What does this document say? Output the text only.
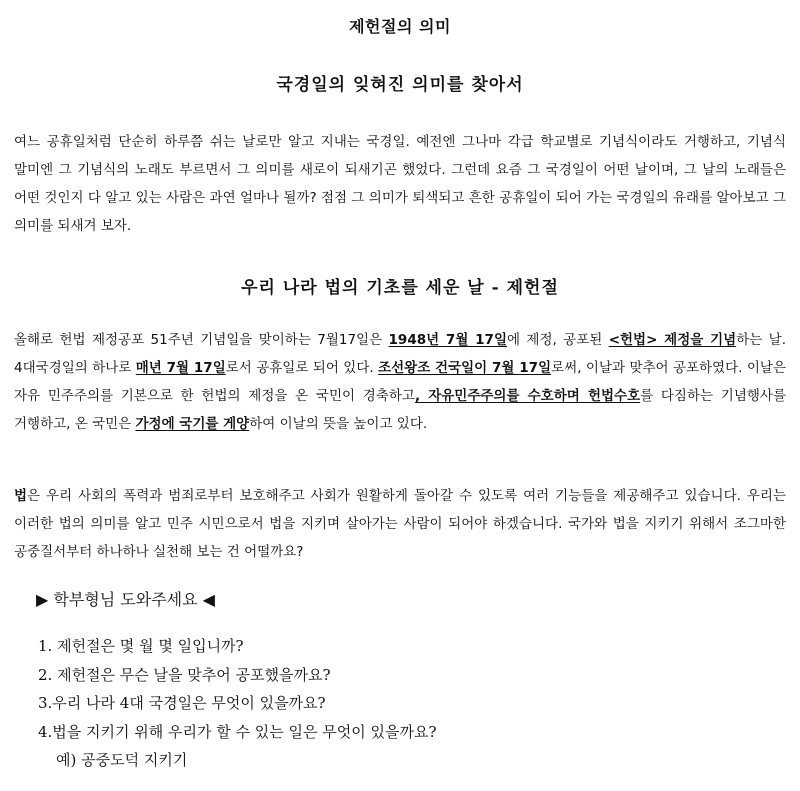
제헌절의 의미
국경일의 잊혀진 의미를 찾아서

여느 공휴일처럼 단순히 하루쯤 쉬는 날로만 알고 지내는 국경일. 예전엔 그나마 각급 학교별로 기념식이라도 거행하고, 기념식 말미엔 그 기념식의 노래도 부르면서 그 의미를 새로이 되새기곤 했었다. 그런데 요즘 그 국경일이 어떤 날이며, 그 날의 노래들은 어떤 것인지 다 알고 있는 사람은 과연 얼마나 될까? 점점 그 의미가 퇴색되고 흔한 공휴일이 되어 가는 국경일의 유래를 알아보고 그 의미를 되새겨 보자.

우리 나라 법의 기초를 세운 날 - 제헌절

올해로 헌법 제정공포 51주년 기념일을 맞이하는 7월17일은 1948년 7월 17일에 제정, 공포된 <헌법> 제정을 기념하는 날. 4대국경일의 하나로 매년 7월 17일로서 공휴일로 되어 있다. 조선왕조 건국일이 7월 17일로써, 이날과 맞추어 공포하였다. 이날은 자유 민주주의를 기본으로 한 헌법의 제정을 온 국민이 경축하고, 자유민주주의를 수호하며 헌법수호를 다짐하는 기념행사를 거행하고, 온 국민은 가정에 국기를 게양하여 이날의 뜻을 높이고 있다.

법은 우리 사회의 폭력과 범죄로부터 보호해주고 사회가 원활하게 돌아갈 수 있도록 여러 기능들을 제공해주고 있습니다. 우리는 이러한 법의 의미를 알고 민주 시민으로서 법을 지키며 살아가는 사람이 되어야 하겠습니다. 국가와 법을 지키기 위해서 조그마한 공중질서부터 하나하나 실천해 보는 건 어떨까요?

▶ 학부형님 도와주세요 ◀
1. 제헌절은 몇 월 몇 일입니까?
2. 제헌절은 무슨 날을 맞추어 공포했을까요?
3.우리 나라 4대 국경일은 무엇이 있을까요?
4.법을 지키기 위해 우리가 할 수 있는 일은 무엇이 있을까요?
예) 공중도덕 지키기
